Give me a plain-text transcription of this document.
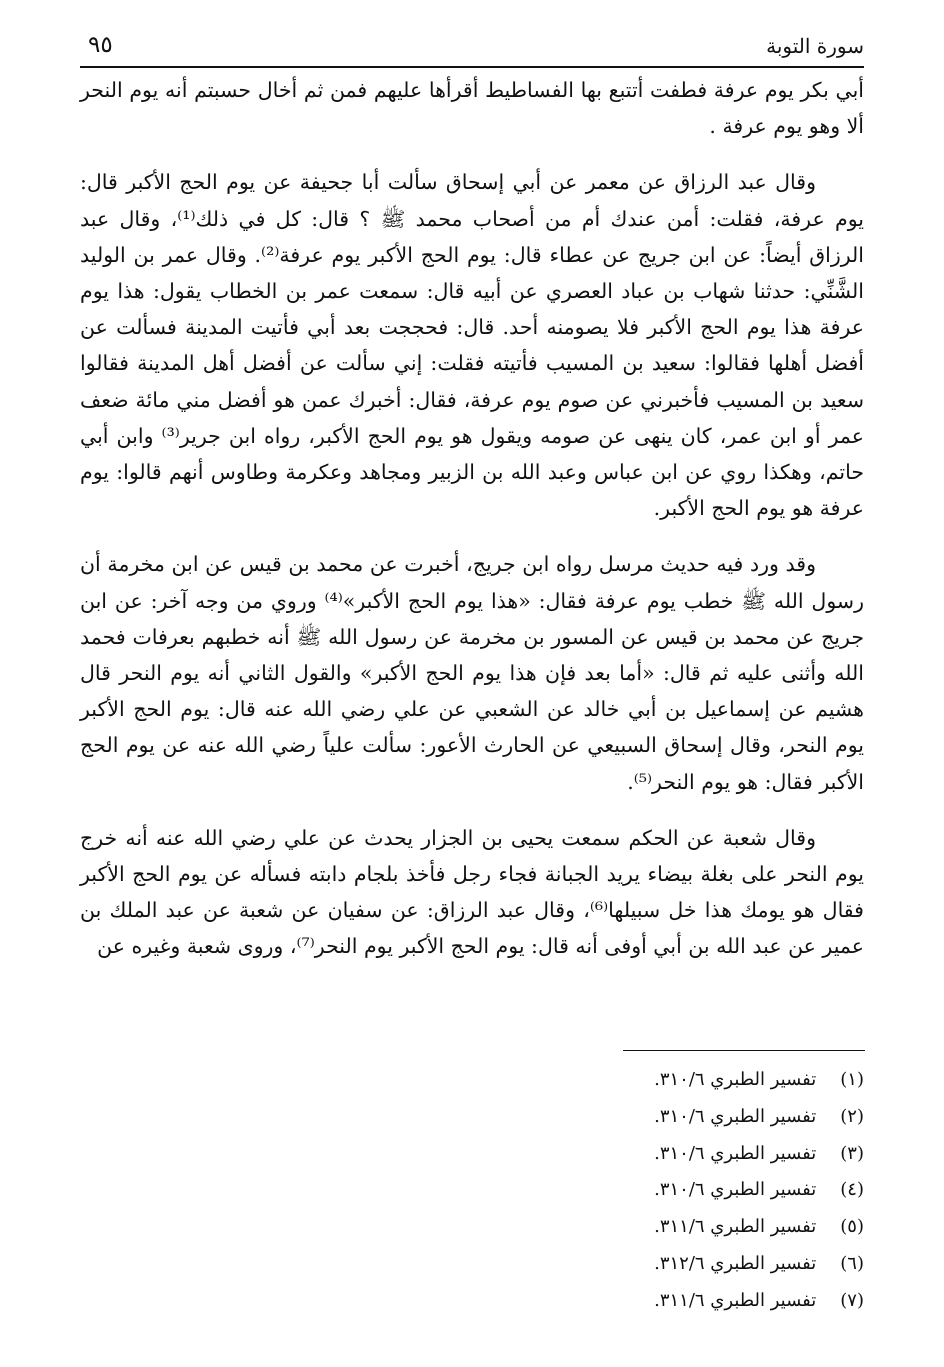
٩٥	سورة التوبة

أبي بكر يوم عرفة فطفت أتتبع بها الفساطيط أقرأها عليهم فمن ثم أخال حسبتم أنه يوم النحر ألا وهو يوم عرفة .

وقال عبد الرزاق عن معمر عن أبي إسحاق سألت أبا جحيفة عن يوم الحج الأكبر قال: يوم عرفة، فقلت: أمن عندك أم من أصحاب محمد ﷺ ؟ قال: كل في ذلك⁽¹⁾، وقال عبد الرزاق أيضاً: عن ابن جريج عن عطاء قال: يوم الحج الأكبر يوم عرفة⁽²⁾. وقال عمر بن الوليد الشَّنِّي: حدثنا شهاب بن عباد العصري عن أبيه قال: سمعت عمر بن الخطاب يقول: هذا يوم عرفة هذا يوم الحج الأكبر فلا يصومنه أحد. قال: فحججت بعد أبي فأتيت المدينة فسألت عن أفضل أهلها فقالوا: سعيد بن المسيب فأتيته فقلت: إني سألت عن أفضل أهل المدينة فقالوا سعيد بن المسيب فأخبرني عن صوم يوم عرفة، فقال: أخبرك عمن هو أفضل مني مائة ضعف عمر أو ابن عمر، كان ينهى عن صومه ويقول هو يوم الحج الأكبر، رواه ابن جرير⁽³⁾ وابن أبي حاتم، وهكذا روي عن ابن عباس وعبد الله بن الزبير ومجاهد وعكرمة وطاوس أنهم قالوا: يوم عرفة هو يوم الحج الأكبر.

وقد ورد فيه حديث مرسل رواه ابن جريج، أخبرت عن محمد بن قيس عن ابن مخرمة أن رسول الله ﷺ خطب يوم عرفة فقال: «هذا يوم الحج الأكبر»⁽⁴⁾ وروي من وجه آخر: عن ابن جريج عن محمد بن قيس عن المسور بن مخرمة عن رسول الله ﷺ أنه خطبهم بعرفات فحمد الله وأثنى عليه ثم قال: «أما بعد فإن هذا يوم الحج الأكبر» والقول الثاني أنه يوم النحر قال هشيم عن إسماعيل بن أبي خالد عن الشعبي عن علي رضي الله عنه قال: يوم الحج الأكبر يوم النحر، وقال إسحاق السبيعي عن الحارث الأعور: سألت علياً رضي الله عنه عن يوم الحج الأكبر فقال: هو يوم النحر⁽⁵⁾.

وقال شعبة عن الحكم سمعت يحيى بن الجزار يحدث عن علي رضي الله عنه أنه خرج يوم النحر على بغلة بيضاء يريد الجبانة فجاء رجل فأخذ بلجام دابته فسأله عن يوم الحج الأكبر فقال هو يومك هذا خل سبيلها⁽⁶⁾، وقال عبد الرزاق: عن سفيان عن شعبة عن عبد الملك بن عمير عن عبد الله بن أبي أوفى أنه قال: يوم الحج الأكبر يوم النحر⁽⁷⁾، وروى شعبة وغيره عن

(١) تفسير الطبري ٣١٠/٦.
(٢) تفسير الطبري ٣١٠/٦.
(٣) تفسير الطبري ٣١٠/٦.
(٤) تفسير الطبري ٣١٠/٦.
(٥) تفسير الطبري ٣١١/٦.
(٦) تفسير الطبري ٣١٢/٦.
(٧) تفسير الطبري ٣١١/٦.
